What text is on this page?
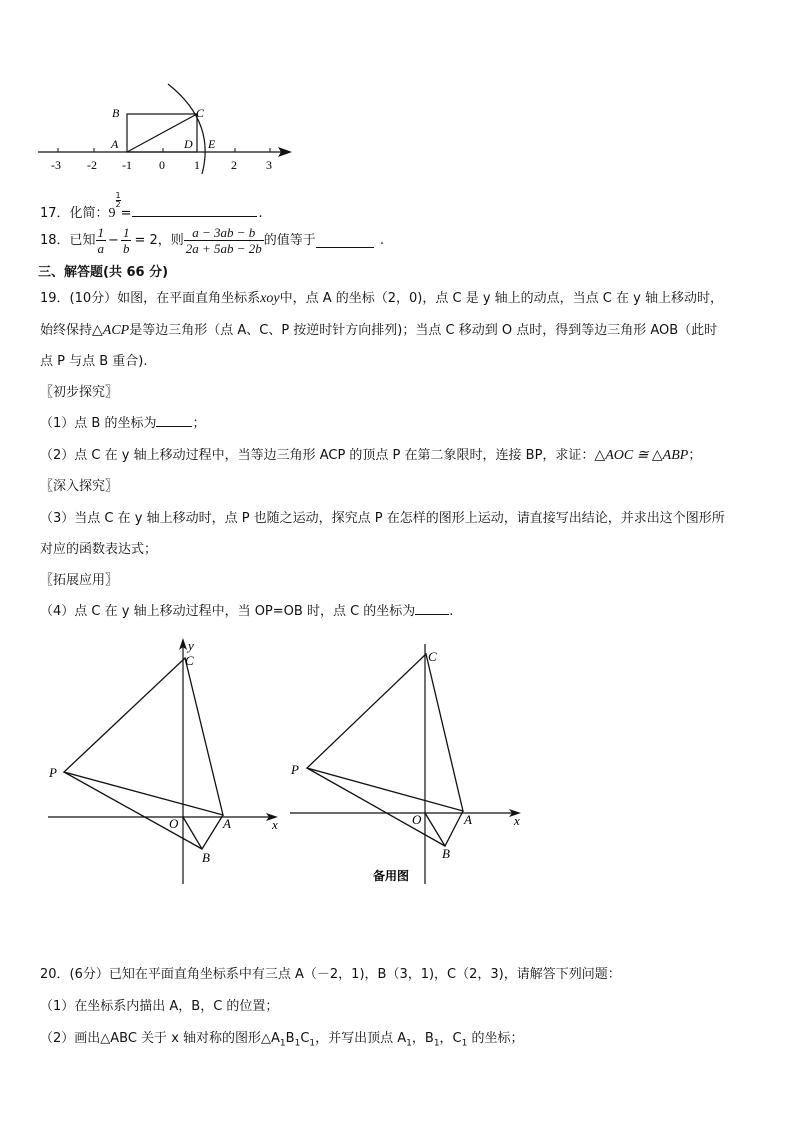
B	C
A	D E
-3 -2 -1 0 1	2 3
17．化简：9
$\frac{1}{2}$
=	.
18．已知 $\frac{1}{a} - \frac{1}{b} = 2$，则 $\frac{a - 3ab - b}{2a + 5ab - 2b}$ 的值等于	.
三、解答题(共 66 分)
19．(10分）如图，在平面直角坐标系xoy中，点 A 的坐标（2，0)，点 C 是 y 轴上的动点，当点 C 在 y 轴上移动时，
始终保持△ACP是等边三角形（点 A、C、P 按逆时针方向排列)；当点 C 移动到 O 点时，得到等边三角形 AOB（此时
点 P 与点 B 重合).
〖初步探究〗
（1）点 B 的坐标为	；
（2）点 C 在 y 轴上移动过程中，当等边三角形 ACP 的顶点 P 在第二象限时，连接 BP，求证：△AOC ≅ △ABP；
〖深入探究〗
（3）当点 C 在 y 轴上移动时，点 P 也随之运动，探究点 P 在怎样的图形上运动，请直接写出结论，并求出这个图形所
对应的函数表达式；
〖拓展应用〗
（4）点 C 在 y 轴上移动过程中，当 OP=OB 时，点 C 的坐标为	.
y
C
P
O	A	x
B
C
P
O	A	x
B
备用图
20．(6分）已知在平面直角坐标系中有三点 A（－2，1)，B（3，1)，C（2，3)，请解答下列问题：
（1）在坐标系内描出 A，B，C 的位置；
（2）画出△ABC 关于 x 轴对称的图形$\triangle A_1B_1C_1$，并写出顶点 $A_1$，$B_1$，$C_1$ 的坐标；
